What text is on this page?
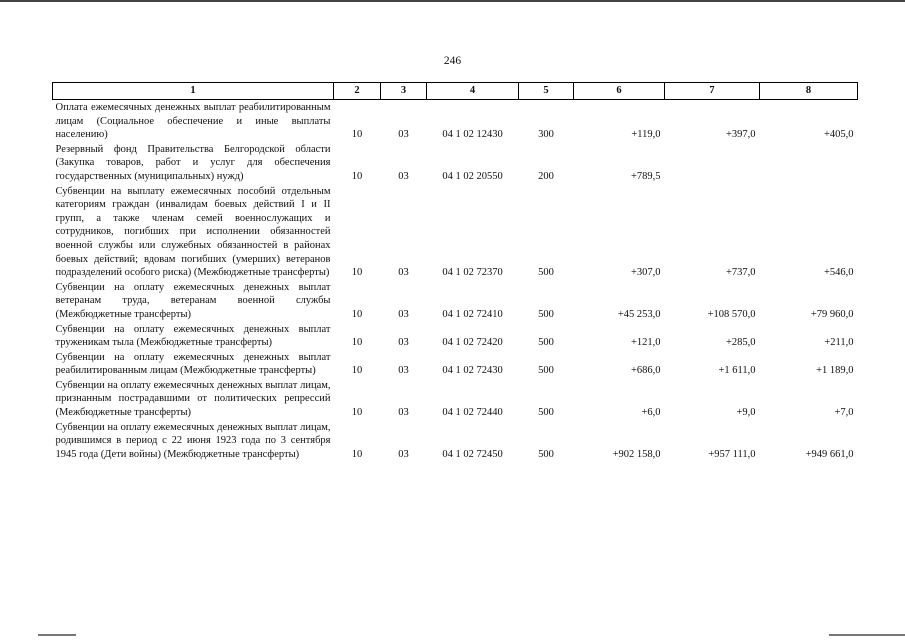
246
1	2	3	4	5	6	7	8
Оплата ежемесячных денежных выплат реабилитированным лицам (Социальное обеспечение и иные выплаты населению)	10	03	04 1 02 12430	300	+119,0	+397,0	+405,0
Резервный фонд Правительства Белгородской области (Закупка товаров, работ и услуг для обеспечения государственных (муниципальных) нужд)	10	03	04 1 02 20550	200	+789,5		
Субвенции на выплату ежемесячных пособий отдельным категориям граждан (инвалидам боевых действий I и II групп, а также членам семей военнослужащих и сотрудников, погибших при исполнении обязанностей военной службы или служебных обязанностей в районах боевых действий; вдовам погибших (умерших) ветеранов подразделений особого риска) (Межбюджетные трансферты)	10	03	04 1 02 72370	500	+307,0	+737,0	+546,0
Субвенции на оплату ежемесячных денежных выплат ветеранам труда, ветеранам военной службы (Межбюджетные трансферты)	10	03	04 1 02 72410	500	+45 253,0	+108 570,0	+79 960,0
Субвенции на оплату ежемесячных денежных выплат труженикам тыла (Межбюджетные трансферты)	10	03	04 1 02 72420	500	+121,0	+285,0	+211,0
Субвенции на оплату ежемесячных денежных выплат реабилитированным лицам (Межбюджетные трансферты)	10	03	04 1 02 72430	500	+686,0	+1 611,0	+1 189,0
Субвенции на оплату ежемесячных денежных выплат лицам, признанным пострадавшими от политических репрессий (Межбюджетные трансферты)	10	03	04 1 02 72440	500	+6,0	+9,0	+7,0
Субвенции на оплату ежемесячных денежных выплат лицам, родившимся в период с 22 июня 1923 года по 3 сентября 1945 года (Дети войны) (Межбюджетные трансферты)	10	03	04 1 02 72450	500	+902 158,0	+957 111,0	+949 661,0
